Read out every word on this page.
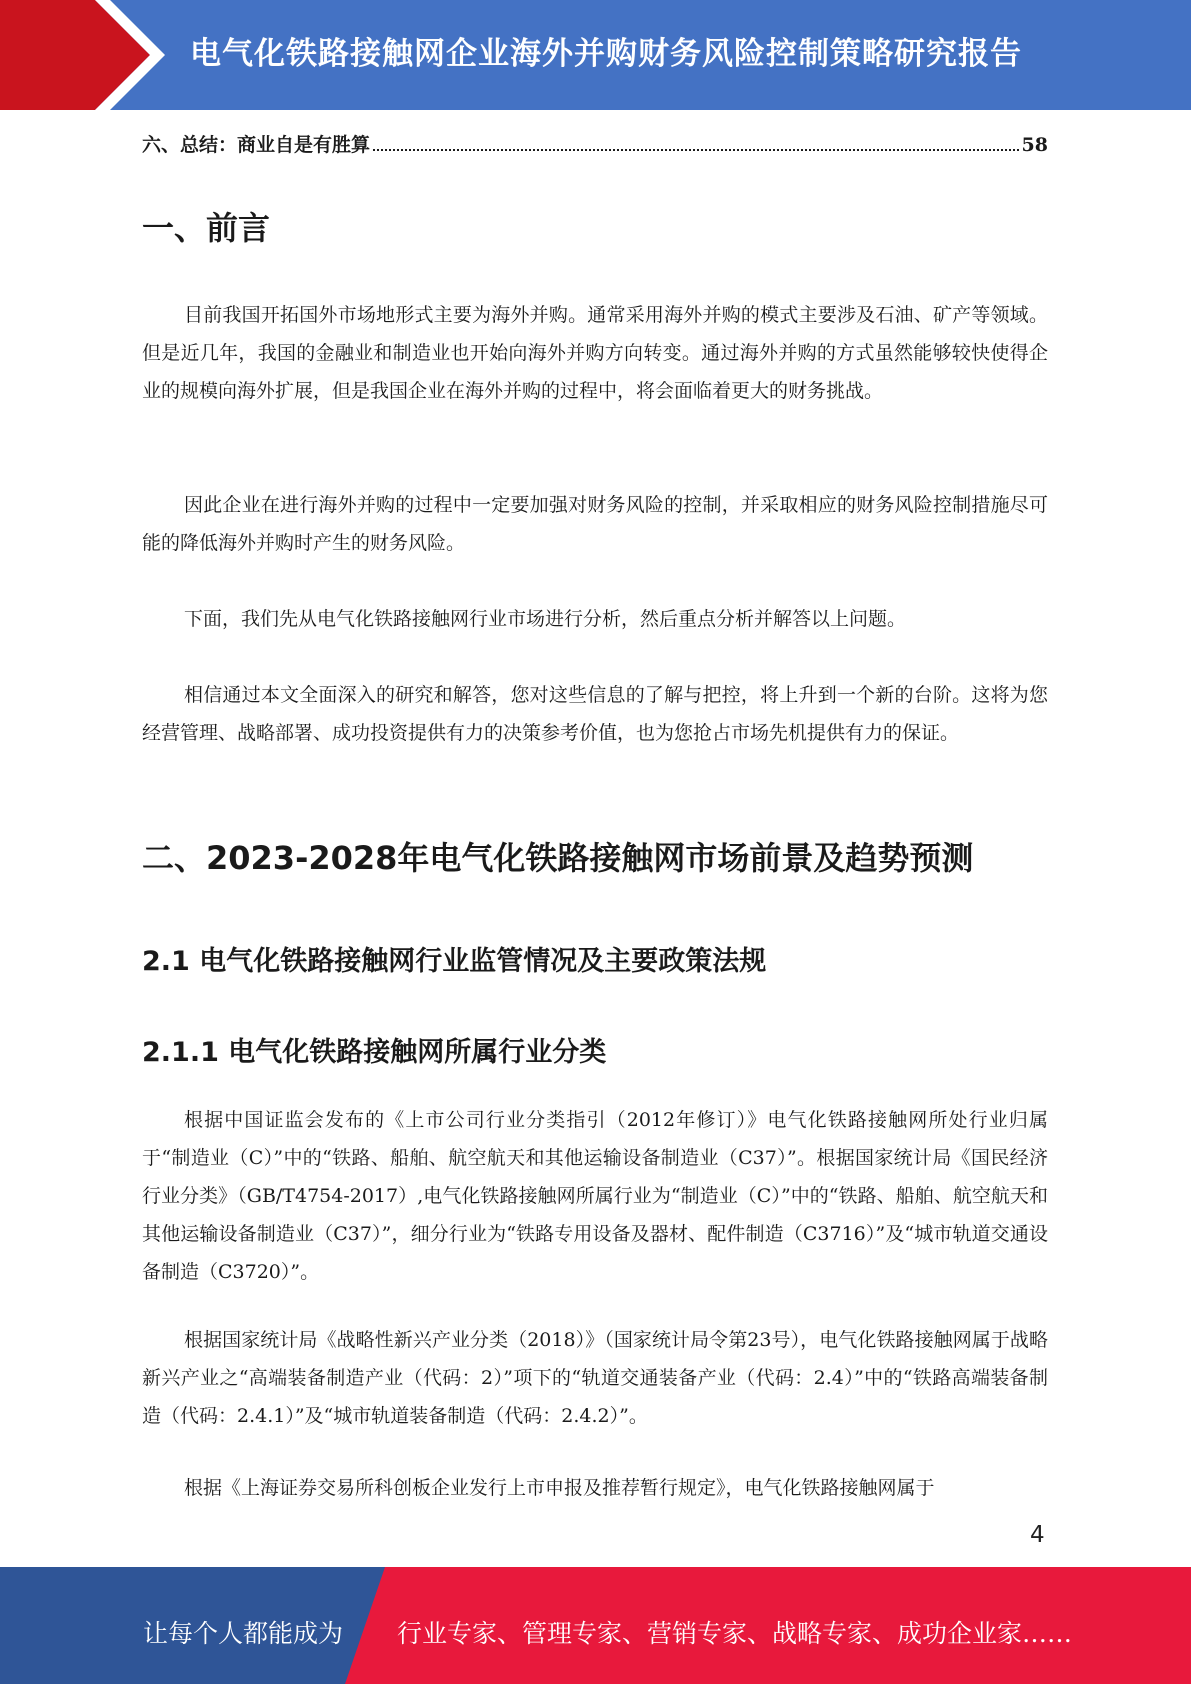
电气化铁路接触网企业海外并购财务风险控制策略研究报告
六、总结：商业自是有胜算	58
一、前言

目前我国开拓国外市场地形式主要为海外并购。通常采用海外并购的模式主要涉及石油、矿产等领域。但是近几年，我国的金融业和制造业也开始向海外并购方向转变。通过海外并购的方式虽然能够较快使得企业的规模向海外扩展，但是我国企业在海外并购的过程中，将会面临着更大的财务挑战。

因此企业在进行海外并购的过程中一定要加强对财务风险的控制，并采取相应的财务风险控制措施尽可能的降低海外并购时产生的财务风险。

下面，我们先从电气化铁路接触网行业市场进行分析，然后重点分析并解答以上问题。

相信通过本文全面深入的研究和解答，您对这些信息的了解与把控，将上升到一个新的台阶。这将为您经营管理、战略部署、成功投资提供有力的决策参考价值，也为您抢占市场先机提供有力的保证。

二、2023-2028年电气化铁路接触网市场前景及趋势预测
2.1 电气化铁路接触网行业监管情况及主要政策法规
2.1.1 电气化铁路接触网所属行业分类

根据中国证监会发布的《上市公司行业分类指引（2012年修订）》电气化铁路接触网所处行业归属于“制造业（C）”中的“铁路、船舶、航空航天和其他运输设备制造业（C37）”。根据国家统计局《国民经济行业分类》（GB/T4754-2017）,电气化铁路接触网所属行业为“制造业（C）”中的“铁路、船舶、航空航天和其他运输设备制造业（C37）”，细分行业为“铁路专用设备及器材、配件制造（C3716）”及“城市轨道交通设备制造（C3720）”。

根据国家统计局《战略性新兴产业分类（2018）》（国家统计局令第23号），电气化铁路接触网属于战略新兴产业之“高端装备制造产业（代码：2）”项下的“轨道交通装备产业（代码：2.4）”中的“铁路高端装备制造（代码：2.4.1）”及“城市轨道装备制造（代码：2.4.2）”。

根据《上海证券交易所科创板企业发行上市申报及推荐暂行规定》，电气化铁路接触网属于

4
让每个人都能成为 行业专家、管理专家、营销专家、战略专家、成功企业家……
